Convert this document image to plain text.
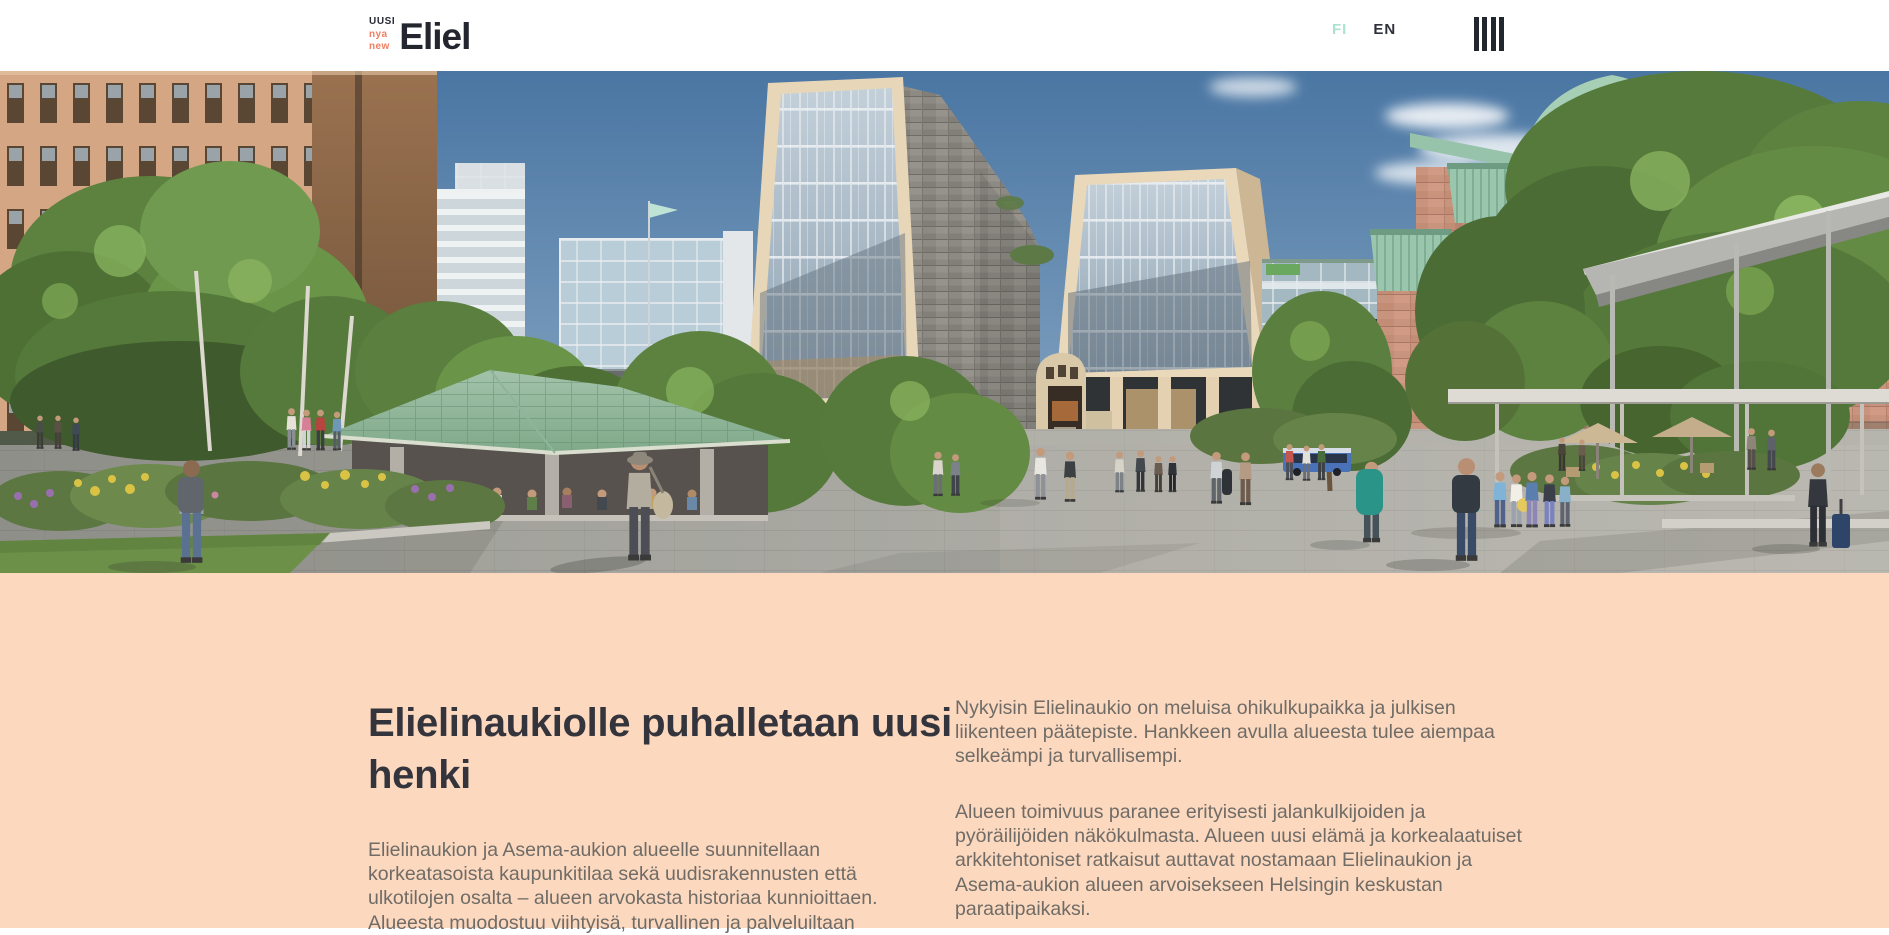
UUSI
nya
new Eliel	FI EN
Elielinaukiolle puhalletaan uusi henki

Elielinaukion ja Asema-aukion alueelle suunnitellaan korkeatasoista kaupunkitilaa sekä uudisrakennusten että ulkotilojen osalta – alueen arvokasta historiaa kunnioittaen. Alueesta muodostuu viihtyisä, turvallinen ja palveluiltaan

Nykyisin Elielinaukio on meluisa ohikulkupaikka ja julkisen liikenteen päätepiste. Hankkeen avulla alueesta tulee aiempaa selkeämpi ja turvallisempi.

Alueen toimivuus paranee erityisesti jalankulkijoiden ja pyöräilijöiden näkökulmasta. Alueen uusi elämä ja korkealaatuiset arkkitehtoniset ratkaisut auttavat nostamaan Elielinaukion ja Asema-aukion alueen arvoisekseen Helsingin keskustan paraatipaikaksi.
